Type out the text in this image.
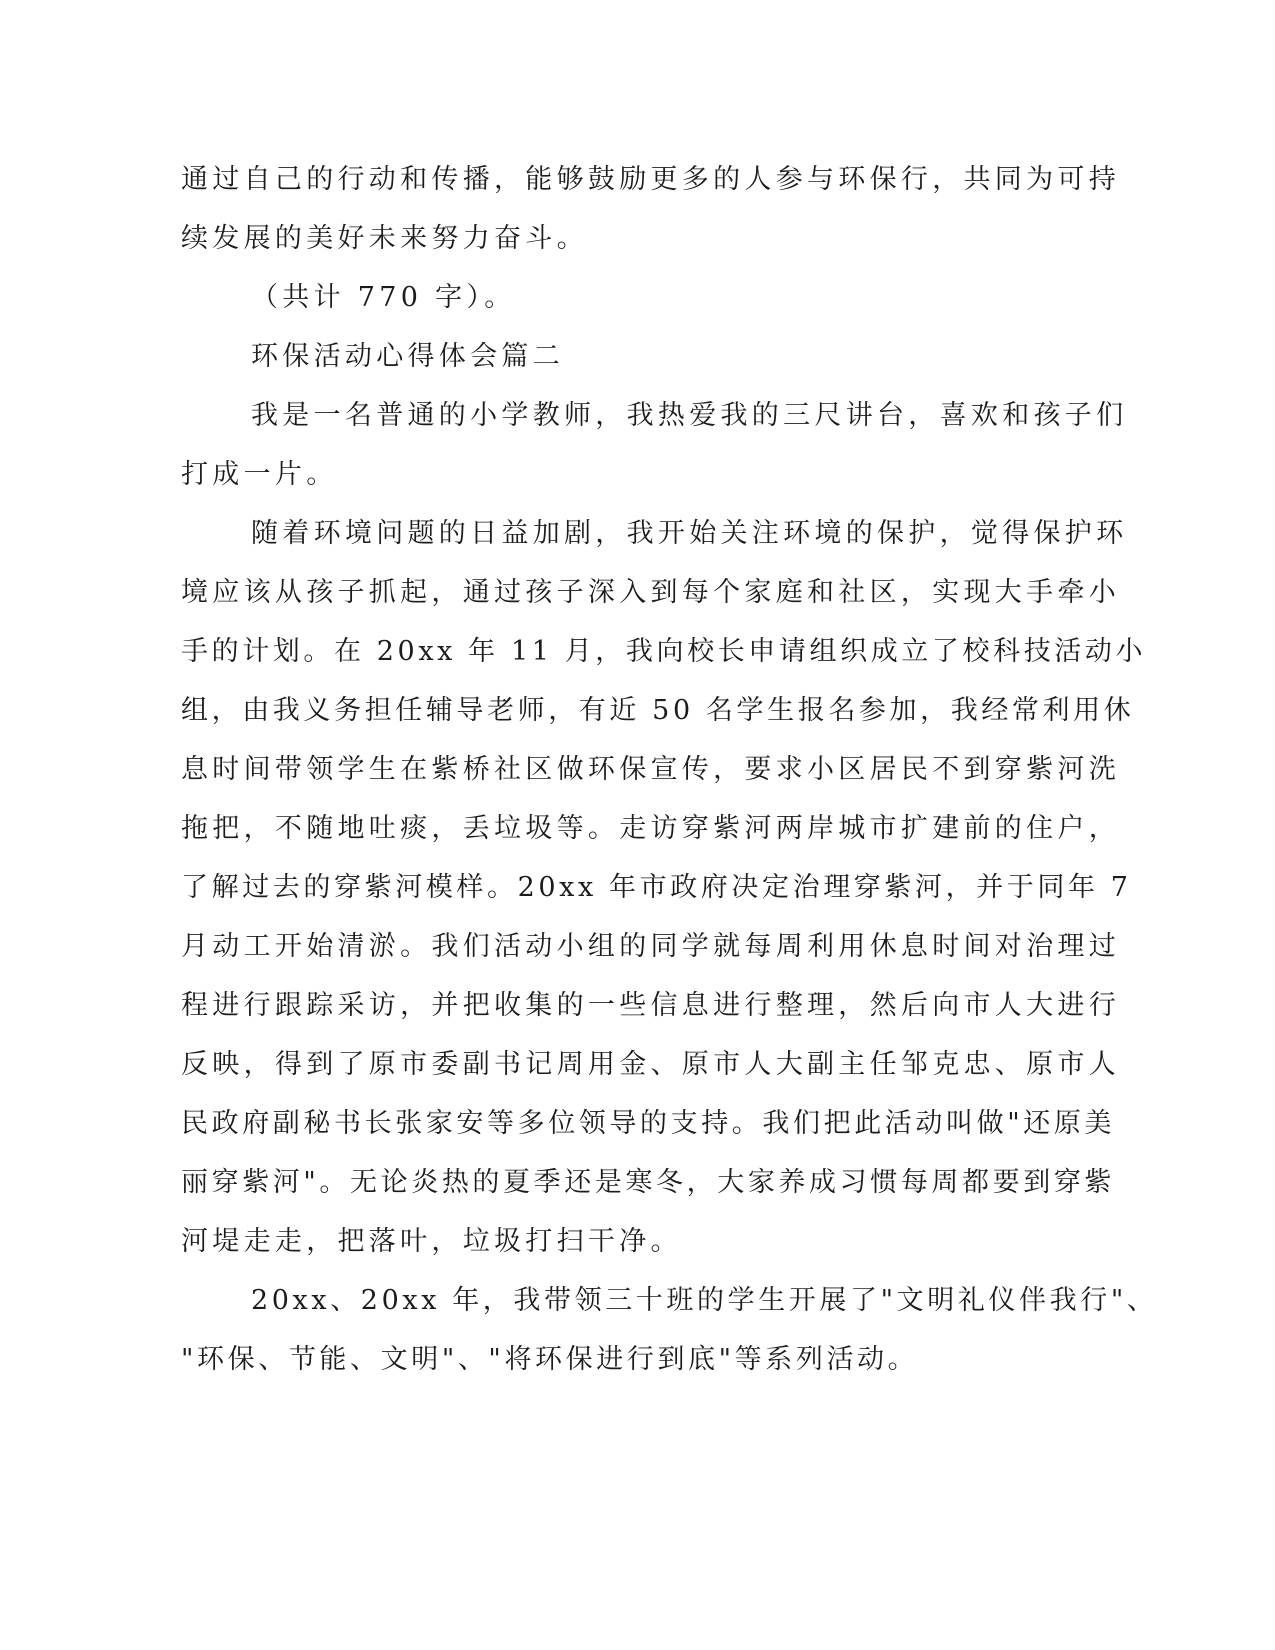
通过自己的行动和传播，能够鼓励更多的人参与环保行，共同为可持
续发展的美好未来努力奋斗。
（共计 770 字）。
环保活动心得体会篇二
我是一名普通的小学教师，我热爱我的三尺讲台，喜欢和孩子们
打成一片。
随着环境问题的日益加剧，我开始关注环境的保护，觉得保护环
境应该从孩子抓起，通过孩子深入到每个家庭和社区，实现大手牵小
手的计划。在 20xx 年 11 月，我向校长申请组织成立了校科技活动小
组，由我义务担任辅导老师，有近 50 名学生报名参加，我经常利用休
息时间带领学生在紫桥社区做环保宣传，要求小区居民不到穿紫河洗
拖把，不随地吐痰，丢垃圾等。走访穿紫河两岸城市扩建前的住户，
了解过去的穿紫河模样。20xx 年市政府决定治理穿紫河，并于同年 7
月动工开始清淤。我们活动小组的同学就每周利用休息时间对治理过
程进行跟踪采访，并把收集的一些信息进行整理，然后向市人大进行
反映，得到了原市委副书记周用金、原市人大副主任邹克忠、原市人
民政府副秘书长张家安等多位领导的支持。我们把此活动叫做"还原美
丽穿紫河"。无论炎热的夏季还是寒冬，大家养成习惯每周都要到穿紫
河堤走走，把落叶，垃圾打扫干净。
20xx、20xx 年，我带领三十班的学生开展了"文明礼仪伴我行"、
"环保、节能、文明"、"将环保进行到底"等系列活动。
